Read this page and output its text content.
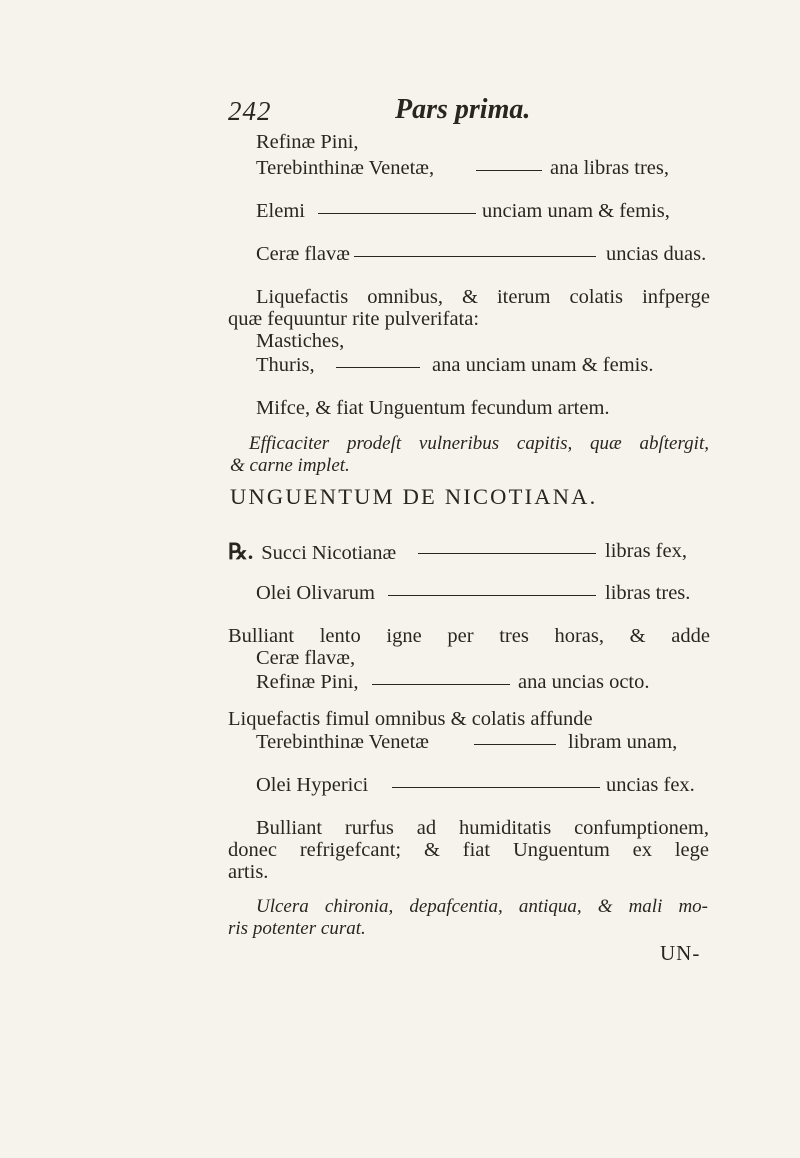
242	Pars prima.
Refinæ Pini,
Terebinthinæ Venetæ,	ana libras tres,
Elemi	unciam unam & femis,
Ceræ flavæ	uncias duas.
Liquefactis omnibus, & iterum colatis infperge
quæ fequuntur rite pulverifata:
Mastiches,
Thuris,	ana unciam unam & femis.
Mifce, & fiat Unguentum fecundum artem.
Efficaciter prodeſt vulneribus capitis, quæ abſtergit,
& carne implet.
UNGUENTUM DE NICOTIANA.
℞. Succi Nicotianæ	libras fex,
Olei Olivarum	libras tres.
Bulliant lento igne per tres horas, & adde
Ceræ flavæ,
Refinæ Pini,	ana uncias octo.
Liquefactis fimul omnibus & colatis affunde
Terebinthinæ Venetæ	libram unam,
Olei Hyperici	uncias fex.
Bulliant rurfus ad humiditatis confumptionem,
donec refrigefcant; & fiat Unguentum ex lege
artis.
Ulcera chironia, depafcentia, antiqua, & mali mo-
ris potenter curat.
UN-
